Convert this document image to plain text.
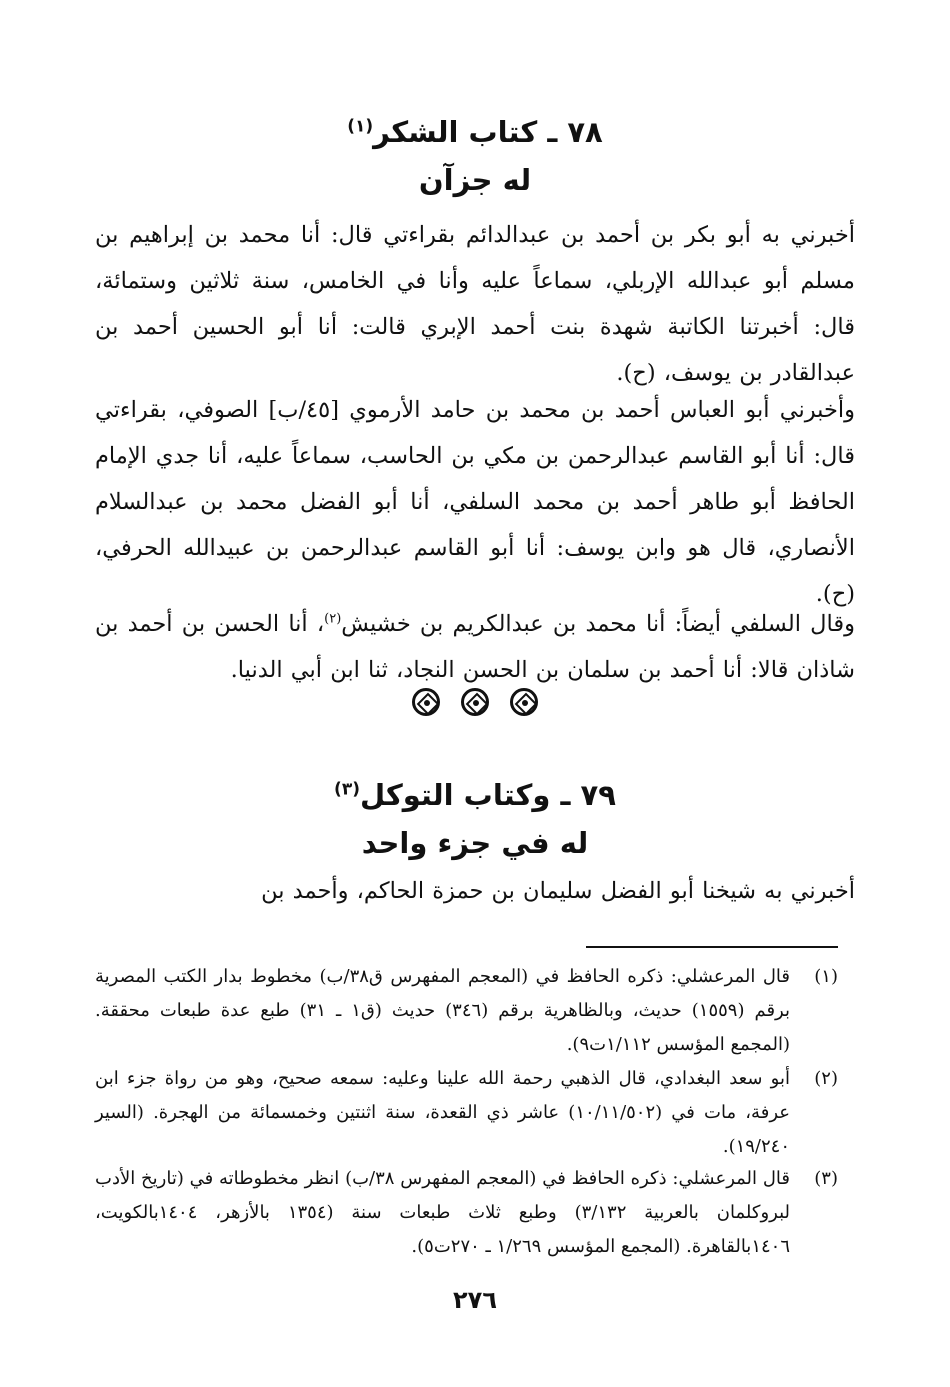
٧٨ ـ كتاب الشكر$^{(١)}$
له جزآن

أخبرني به أبو بكر بن أحمد بن عبدالدائم بقراءتي قال: أنا محمد بن إبراهيم بن مسلم أبو عبدالله الإربلي، سماعاً عليه وأنا في الخامس، سنة ثلاثين وستمائة، قال: أخبرتنا الكاتبة شهدة بنت أحمد الإبري قالت: أنا أبو الحسين أحمد بن عبدالقادر بن يوسف، (ح).

وأخبرني أبو العباس أحمد بن محمد بن حامد الأرموي [٤٥/ب] الصوفي، بقراءتي قال: أنا أبو القاسم عبدالرحمن بن مكي بن الحاسب، سماعاً عليه، أنا جدي الإمام الحافظ أبو طاهر أحمد بن محمد السلفي، أنا أبو الفضل محمد بن عبدالسلام الأنصاري، قال هو وابن يوسف: أنا أبو القاسم عبدالرحمن بن عبيدالله الحرفي، (ح).

وقال السلفي أيضاً: أنا محمد بن عبدالكريم بن خشيش$^{(٢)}$، أنا الحسن بن أحمد بن شاذان قالا: أنا أحمد بن سلمان بن الحسن النجاد، ثنا ابن أبي الدنيا.

٧٩ ـ وكتاب التوكل$^{(٣)}$
له في جزء واحد

أخبرني به شيخنا أبو الفضل سليمان بن حمزة الحاكم، وأحمد بن

(١)
قال المرعشلي: ذكره الحافظ في (المعجم المفهرس ق٣٨/ب) مخطوط بدار الكتب المصرية برقم (١٥٥٩) حديث، وبالظاهرية برقم (٣٤٦) حديث (ق١ ـ ٣١) طبع عدة طبعات محققة. (المجمع المؤسس ١/١١٢ت٩).
(٢)
أبو سعد البغدادي، قال الذهبي رحمة الله علينا وعليه: سمعه صحيح، وهو من رواة جزء ابن عرفة، مات في (١٠/١١/٥٠٢) عاشر ذي القعدة، سنة اثنتين وخمسمائة من الهجرة. (السير ١٩/٢٤٠).
(٣)
قال المرعشلي: ذكره الحافظ في (المعجم المفهرس ٣٨/ب) انظر مخطوطاته في (تاريخ الأدب لبروكلمان بالعربية ٣/١٣٢) وطبع ثلاث طبعات سنة (١٣٥٤ بالأزهر، ١٤٠٤بالكويت، ١٤٠٦بالقاهرة. (المجمع المؤسس ١/٢٦٩ ـ ٢٧٠ت٥).
٢٧٦
